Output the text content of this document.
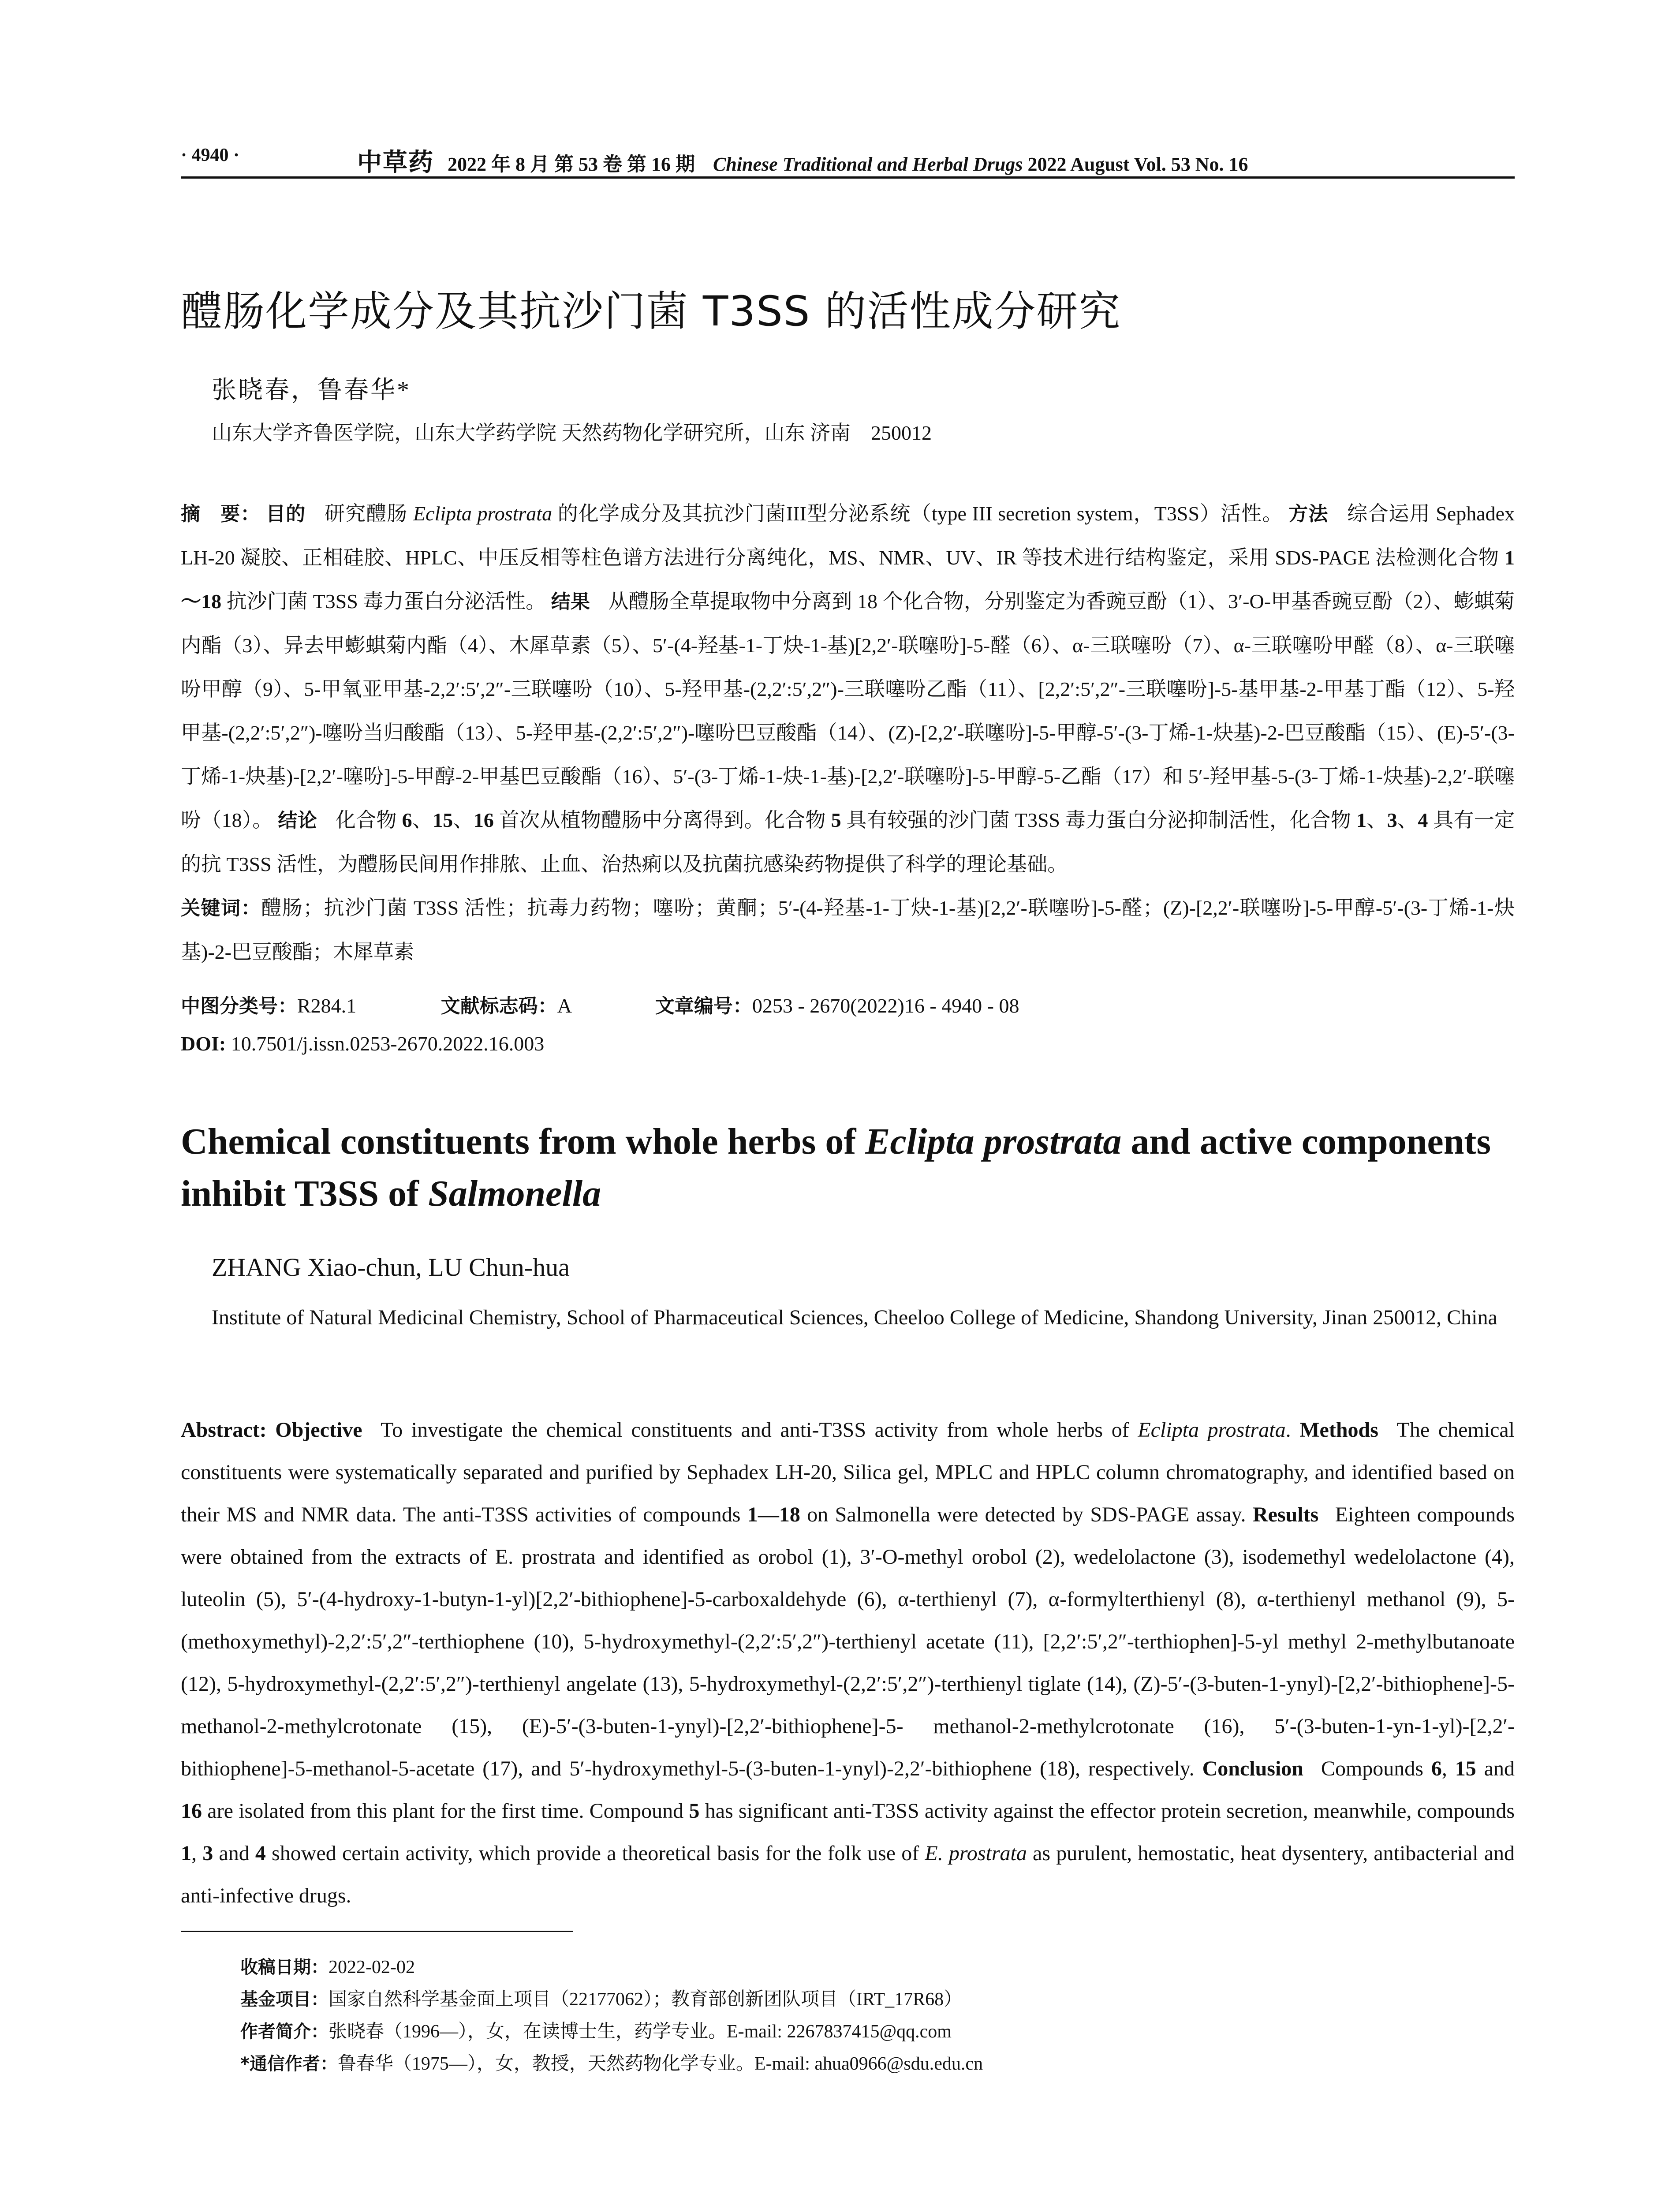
· 4940 ·	中草药 2022 年 8 月 第 53 卷 第 16 期 Chinese Traditional and Herbal Drugs 2022 August Vol. 53 No. 16
醴肠化学成分及其抗沙门菌 T3SS 的活性成分研究
张晓春，鲁春华*
山东大学齐鲁医学院，山东大学药学院 天然药物化学研究所，山东 济南　250012
摘　要： 目的 研究醴肠 Eclipta prostrata 的化学成分及其抗沙门菌III型分泌系统（type III secretion system，T3SS）活性。 方法 综合运用 Sephadex LH-20 凝胶、正相硅胶、HPLC、中压反相等柱色谱方法进行分离纯化，MS、NMR、UV、IR 等技术进行结构鉴定，采用 SDS-PAGE 法检测化合物 1～18 抗沙门菌 T3SS 毒力蛋白分泌活性。 结果 从醴肠全草提取物中分离到 18 个化合物，分别鉴定为香豌豆酚（1）、3′-O-甲基香豌豆酚（2）、蟛蜞菊内酯（3）、异去甲蟛蜞菊内酯（4）、木犀草素（5）、5′-(4-羟基-1-丁炔-1-基)[2,2′-联噻吩]-5-醛（6）、α-三联噻吩（7）、α-三联噻吩甲醛（8）、α-三联噻吩甲醇（9）、5-甲氧亚甲基-2,2′:5′,2″-三联噻吩（10）、5-羟甲基-(2,2′:5′,2″)-三联噻吩乙酯（11）、[2,2′:5′,2″-三联噻吩]-5-基甲基-2-甲基丁酯（12）、5-羟甲基-(2,2′:5′,2″)-噻吩当归酸酯（13）、5-羟甲基-(2,2′:5′,2″)-噻吩巴豆酸酯（14）、(Z)-[2,2′-联噻吩]-5-甲醇-5′-(3-丁烯-1-炔基)-2-巴豆酸酯（15）、(E)-5′-(3-丁烯-1-炔基)-[2,2′-噻吩]-5-甲醇-2-甲基巴豆酸酯（16）、5′-(3-丁烯-1-炔-1-基)-[2,2′-联噻吩]-5-甲醇-5-乙酯（17）和 5′-羟甲基-5-(3-丁烯-1-炔基)-2,2′-联噻吩（18）。 结论 化合物 6、15、16 首次从植物醴肠中分离得到。化合物 5 具有较强的沙门菌 T3SS 毒力蛋白分泌抑制活性，化合物 1、3、4 具有一定的抗 T3SS 活性，为醴肠民间用作排脓、止血、治热痢以及抗菌抗感染药物提供了科学的理论基础。
关键词：醴肠；抗沙门菌 T3SS 活性；抗毒力药物；噻吩；黄酮；5′-(4-羟基-1-丁炔-1-基)[2,2′-联噻吩]-5-醛；(Z)-[2,2′-联噻吩]-5-甲醇-5′-(3-丁烯-1-炔基)-2-巴豆酸酯；木犀草素
中图分类号：R284.1	文献标志码：A	文章编号：0253 - 2670(2022)16 - 4940 - 08
DOI: 10.7501/j.issn.0253-2670.2022.16.003
Chemical constituents from whole herbs of Eclipta prostrata and active components inhibit T3SS of Salmonella
ZHANG Xiao-chun, LU Chun-hua
Institute of Natural Medicinal Chemistry, School of Pharmaceutical Sciences, Cheeloo College of Medicine, Shandong University, Jinan 250012, China
Abstract: Objective To investigate the chemical constituents and anti-T3SS activity from whole herbs of Eclipta prostrata. Methods The chemical constituents were systematically separated and purified by Sephadex LH-20, Silica gel, MPLC and HPLC column chromatography, and identified based on their MS and NMR data. The anti-T3SS activities of compounds 1—18 on Salmonella were detected by SDS-PAGE assay. Results Eighteen compounds were obtained from the extracts of E. prostrata and identified as orobol (1), 3′-O-methyl orobol (2), wedelolactone (3), isodemethyl wedelolactone (4), luteolin (5), 5′-(4-hydroxy-1-butyn-1-yl)[2,2′-bithiophene]-5-carboxaldehyde (6), α-terthienyl (7), α-formylterthienyl (8), α-terthienyl methanol (9), 5-(methoxymethyl)-2,2′:5′,2″-terthiophene (10), 5-hydroxymethyl-(2,2′:5′,2″)-terthienyl acetate (11), [2,2′:5′,2″-terthiophen]-5-yl methyl 2-methylbutanoate (12), 5-hydroxymethyl-(2,2′:5′,2″)-terthienyl angelate (13), 5-hydroxymethyl-(2,2′:5′,2″)-terthienyl tiglate (14), (Z)-5′-(3-buten-1-ynyl)-[2,2′-bithiophene]-5-methanol-2-methylcrotonate (15), (E)-5′-(3-buten-1-ynyl)-[2,2′-bithiophene]-5- methanol-2-methylcrotonate (16), 5′-(3-buten-1-yn-1-yl)-[2,2′-bithiophene]-5-methanol-5-acetate (17), and 5′-hydroxymethyl-5-(3-buten-1-ynyl)-2,2′-bithiophene (18), respectively. Conclusion Compounds 6, 15 and 16 are isolated from this plant for the first time. Compound 5 has significant anti-T3SS activity against the effector protein secretion, meanwhile, compounds 1, 3 and 4 showed certain activity, which provide a theoretical basis for the folk use of E. prostrata as purulent, hemostatic, heat dysentery, antibacterial and anti-infective drugs.
收稿日期：2022-02-02
基金项目：国家自然科学基金面上项目（22177062）；教育部创新团队项目（IRT_17R68）
作者简介：张晓春（1996—），女，在读博士生，药学专业。E-mail: 2267837415@qq.com
*通信作者：鲁春华（1975—），女，教授，天然药物化学专业。E-mail: ahua0966@sdu.edu.cn
